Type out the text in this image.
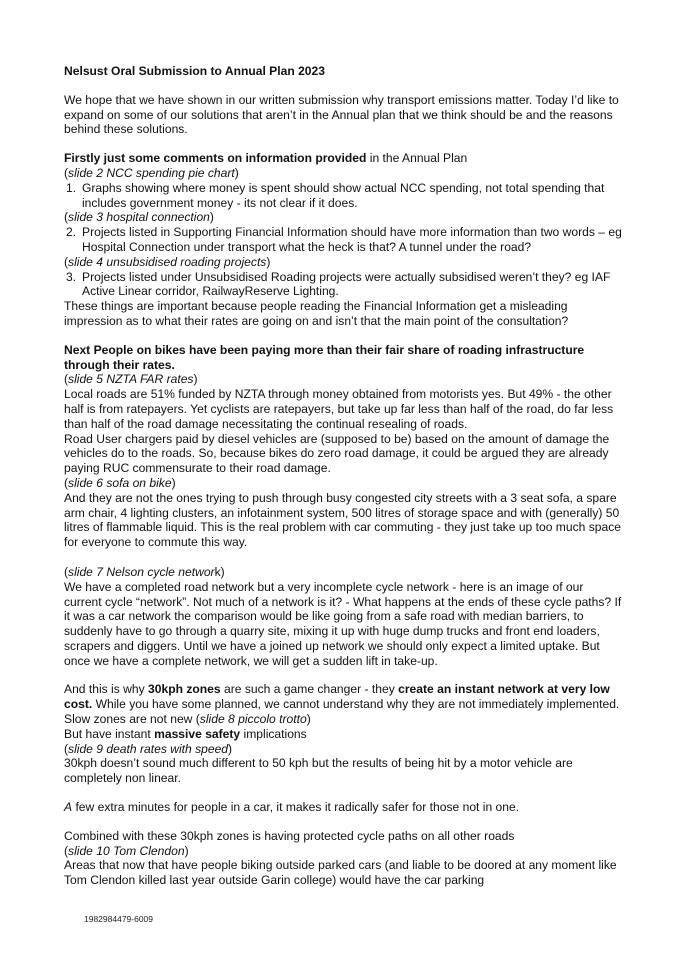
Nelsust Oral Submission to Annual Plan 2023

We hope that we have shown in our written submission why transport emissions matter. Today I’d like to expand on some of our solutions that aren’t in the Annual plan that we think should be and the reasons behind these solutions.

Firstly just some comments on information provided in the Annual Plan

(slide 2 NCC spending pie chart)

1. Graphs showing where money is spent should show actual NCC spending, not total spending that includes government money - its not clear if it does.

(slide 3 hospital connection)

2. Projects listed in Supporting Financial Information should have more information than two words – eg Hospital Connection under transport what the heck is that? A tunnel under the road?

(slide 4 unsubsidised roading projects)

3. Projects listed under Unsubsidised Roading projects were actually subsidised weren’t they? eg IAF Active Linear corridor, RailwayReserve Lighting.

These things are important because people reading the Financial Information get a misleading impression as to what their rates are going on and isn’t that the main point of the consultation?

Next People on bikes have been paying more than their fair share of roading infrastructure through their rates.

(slide 5 NZTA FAR rates)

Local roads are 51% funded by NZTA through money obtained from motorists yes. But 49% - the other half is from ratepayers. Yet cyclists are ratepayers, but take up far less than half of the road, do far less than half of the road damage necessitating the continual resealing of roads.

Road User chargers paid by diesel vehicles are (supposed to be) based on the amount of damage the vehicles do to the roads. So, because bikes do zero road damage, it could be argued they are already paying RUC commensurate to their road damage.

(slide 6 sofa on bike)

And they are not the ones trying to push through busy congested city streets with a 3 seat sofa, a spare arm chair, 4 lighting clusters, an infotainment system, 500 litres of storage space and with (generally) 50 litres of flammable liquid. This is the real problem with car commuting - they just take up too much space for everyone to commute this way.

(slide 7 Nelson cycle network)

We have a completed road network but a very incomplete cycle network - here is an image of our current cycle “network”. Not much of a network is it? - What happens at the ends of these cycle paths? If it was a car network the comparison would be like going from a safe road with median barriers, to suddenly have to go through a quarry site, mixing it up with huge dump trucks and front end loaders, scrapers and diggers. Until we have a joined up network we should only expect a limited uptake. But once we have a complete network, we will get a sudden lift in take-up.

And this is why 30kph zones are such a game changer - they create an instant network at very low cost. While you have some planned, we cannot understand why they are not immediately implemented.

Slow zones are not new (slide 8 piccolo trotto)

But have instant massive safety implications

(slide 9 death rates with speed)

30kph doesn’t sound much different to 50 kph but the results of being hit by a motor vehicle are completely non linear.

A few extra minutes for people in a car, it makes it radically safer for those not in one.

Combined with these 30kph zones is having protected cycle paths on all other roads

(slide 10 Tom Clendon)

Areas that now that have people biking outside parked cars (and liable to be doored at any moment like Tom Clendon killed last year outside Garin college) would have the car parking

1982984479-6009
